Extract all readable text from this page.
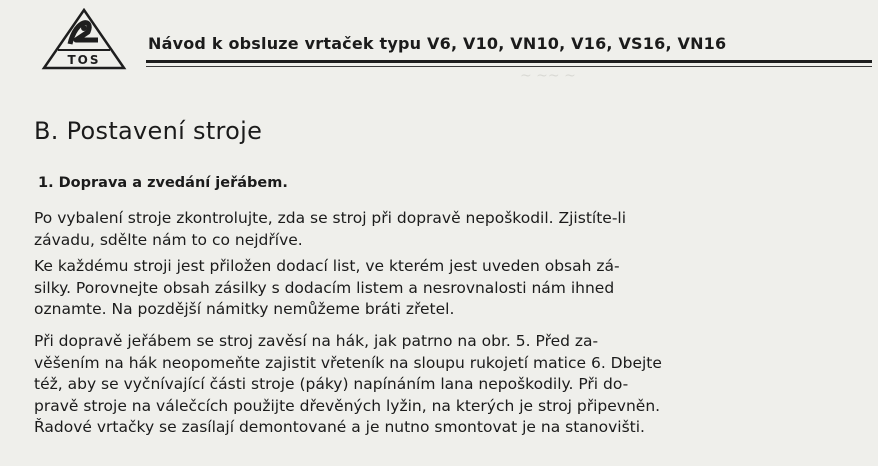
~ ~~ ~
TOS
Návod k obsluze vrtaček typu V6, V10, VN10, V16, VS16, VN16
B. Postavení stroje
1. Doprava a zvedání jeřábem.
Po vybalení stroje zkontrolujte, zda se stroj při dopravě nepoškodil. Zjistíte-li
závadu, sdělte nám to co nejdříve.
Ke každému stroji jest přiložen dodací list, ve kterém jest uveden obsah zá-
silky. Porovnejte obsah zásilky s dodacím listem a nesrovnalosti nám ihned
oznamte. Na pozdější námitky nemůžeme bráti zřetel.
Při dopravě jeřábem se stroj zavěsí na hák, jak patrno na obr. 5. Před za-
věšením na hák neopomeňte zajistit vřeteník na sloupu rukojetí matice 6. Dbejte
též, aby se vyčnívající části stroje (páky) napínáním lana nepoškodily. Při do-
pravě stroje na válečcích použijte dřevěných lyžin, na kterých je stroj připevněn.
Řadové vrtačky se zasílají demontované a je nutno smontovat je na stanovišti.
